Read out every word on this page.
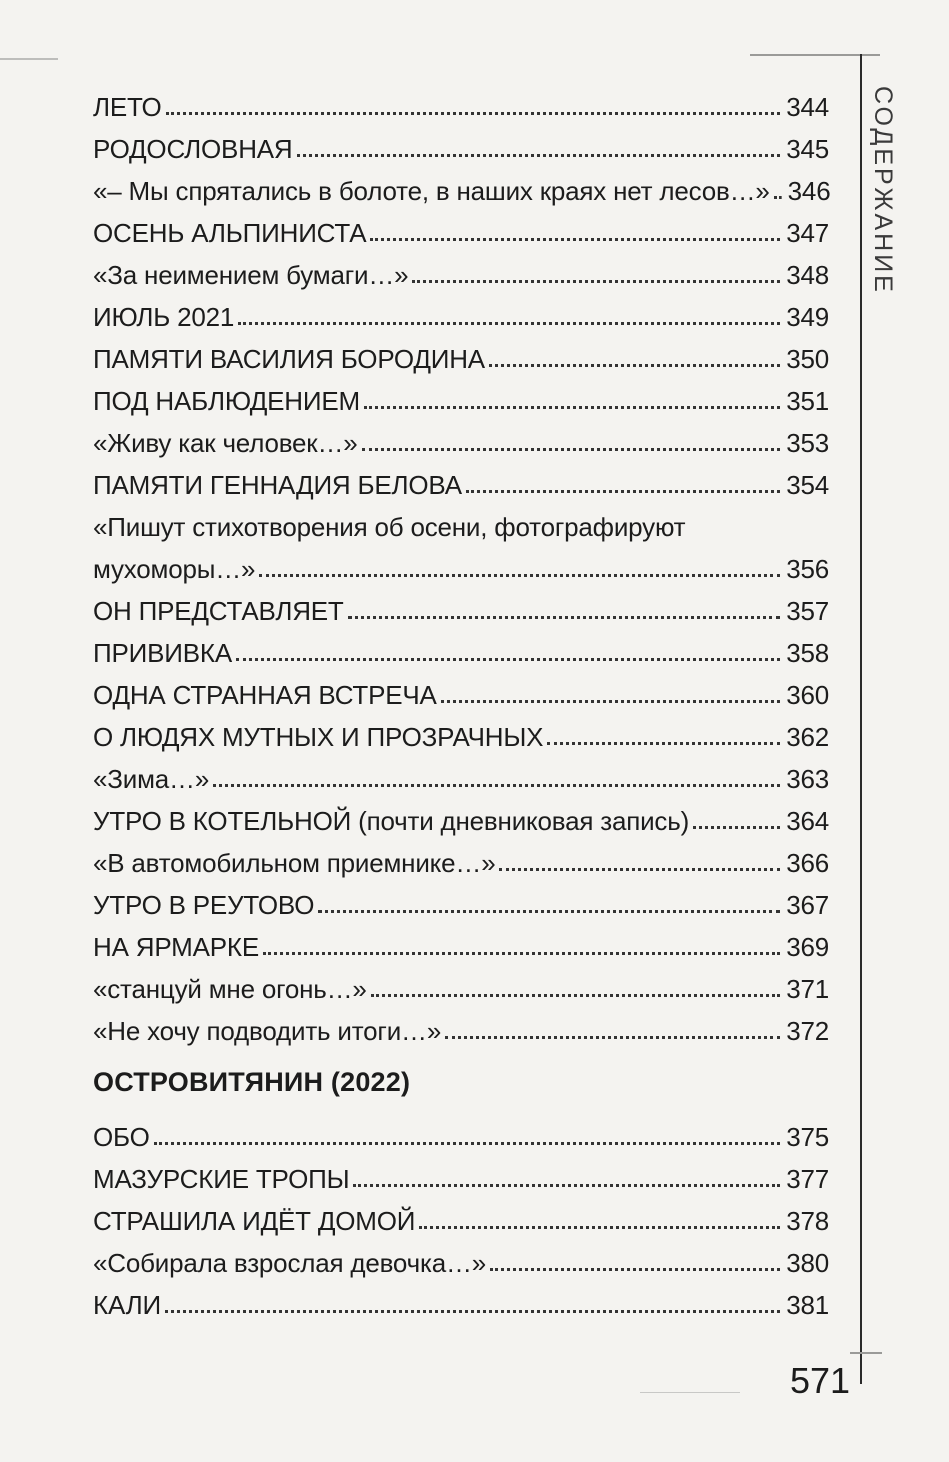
СОДЕРЖАНИЕ
ЛЕТО	344
РОДОСЛОВНАЯ	345
«– Мы спрятались в болоте, в наших краях нет лесов…» 346
ОСЕНЬ АЛЬПИНИСТА	347
«За неимением бумаги…»	348
ИЮЛЬ 2021	349
ПАМЯТИ ВАСИЛИЯ БОРОДИНА	350
ПОД НАБЛЮДЕНИЕМ	351
«Живу как человек…»	353
ПАМЯТИ ГЕННАДИЯ БЕЛОВА	354
«Пишут стихотворения об осени, фотографируют
мухоморы…»	356
ОН ПРЕДСТАВЛЯЕТ	357
ПРИВИВКА	358
ОДНА СТРАННАЯ ВСТРЕЧА	360
О ЛЮДЯХ МУТНЫХ И ПРОЗРАЧНЫХ	362
«Зима…»	363
УТРО В КОТЕЛЬНОЙ (почти дневниковая запись)	364
«В автомобильном приемнике…»	366
УТРО В РЕУТОВО	367
НА ЯРМАРКЕ	369
«станцуй мне огонь…»	371
«Не хочу подводить итоги…»	372
ОСТРОВИТЯНИН (2022)
ОБО	375
МАЗУРСКИЕ ТРОПЫ	377
СТРАШИЛА ИДЁТ ДОМОЙ	378
«Собирала взрослая девочка…»	380
КАЛИ	381
571
